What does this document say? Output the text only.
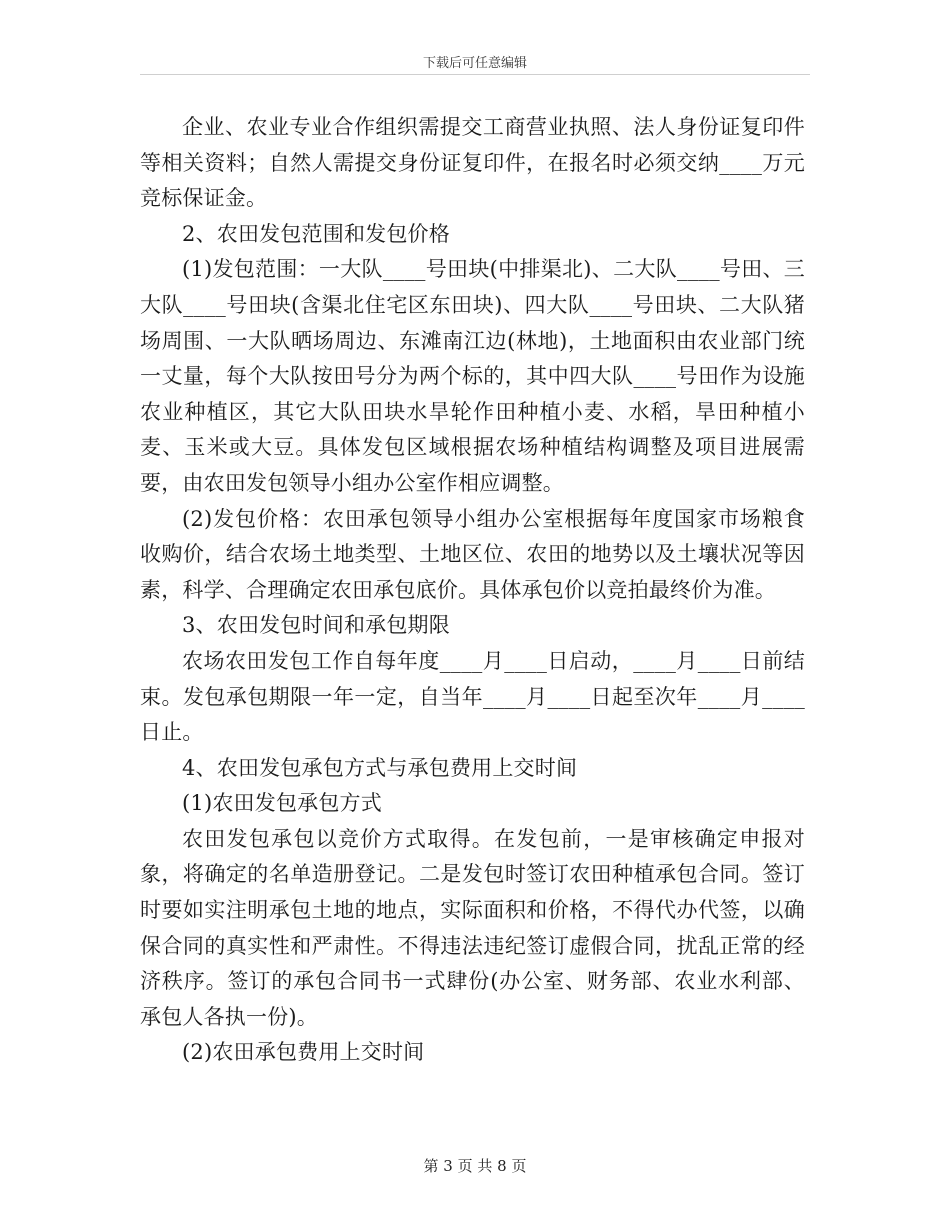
下载后可任意编辑

企业、农业专业合作组织需提交工商营业执照、法人身份证复印件等相关资料；自然人需提交身份证复印件，在报名时必须交纳____万元竞标保证金。

2、农田发包范围和发包价格

(1)发包范围：一大队____号田块(中排渠北)、二大队____号田、三大队____号田块(含渠北住宅区东田块)、四大队____号田块、二大队猪场周围、一大队晒场周边、东滩南江边(林地)，土地面积由农业部门统一丈量，每个大队按田号分为两个标的，其中四大队____号田作为设施农业种植区，其它大队田块水旱轮作田种植小麦、水稻，旱田种植小麦、玉米或大豆。具体发包区域根据农场种植结构调整及项目进展需要，由农田发包领导小组办公室作相应调整。

(2)发包价格：农田承包领导小组办公室根据每年度国家市场粮食收购价，结合农场土地类型、土地区位、农田的地势以及土壤状况等因素，科学、合理确定农田承包底价。具体承包价以竞拍最终价为准。

3、农田发包时间和承包期限

农场农田发包工作自每年度____月____日启动，____月____日前结束。发包承包期限一年一定，自当年____月____日起至次年____月____日止。

4、农田发包承包方式与承包费用上交时间

(1)农田发包承包方式

农田发包承包以竞价方式取得。在发包前，一是审核确定申报对象，将确定的名单造册登记。二是发包时签订农田种植承包合同。签订时要如实注明承包土地的地点，实际面积和价格，不得代办代签，以确保合同的真实性和严肃性。不得违法违纪签订虚假合同，扰乱正常的经济秩序。签订的承包合同书一式肆份(办公室、财务部、农业水利部、承包人各执一份)。

(2)农田承包费用上交时间

第 3 页 共 8 页
